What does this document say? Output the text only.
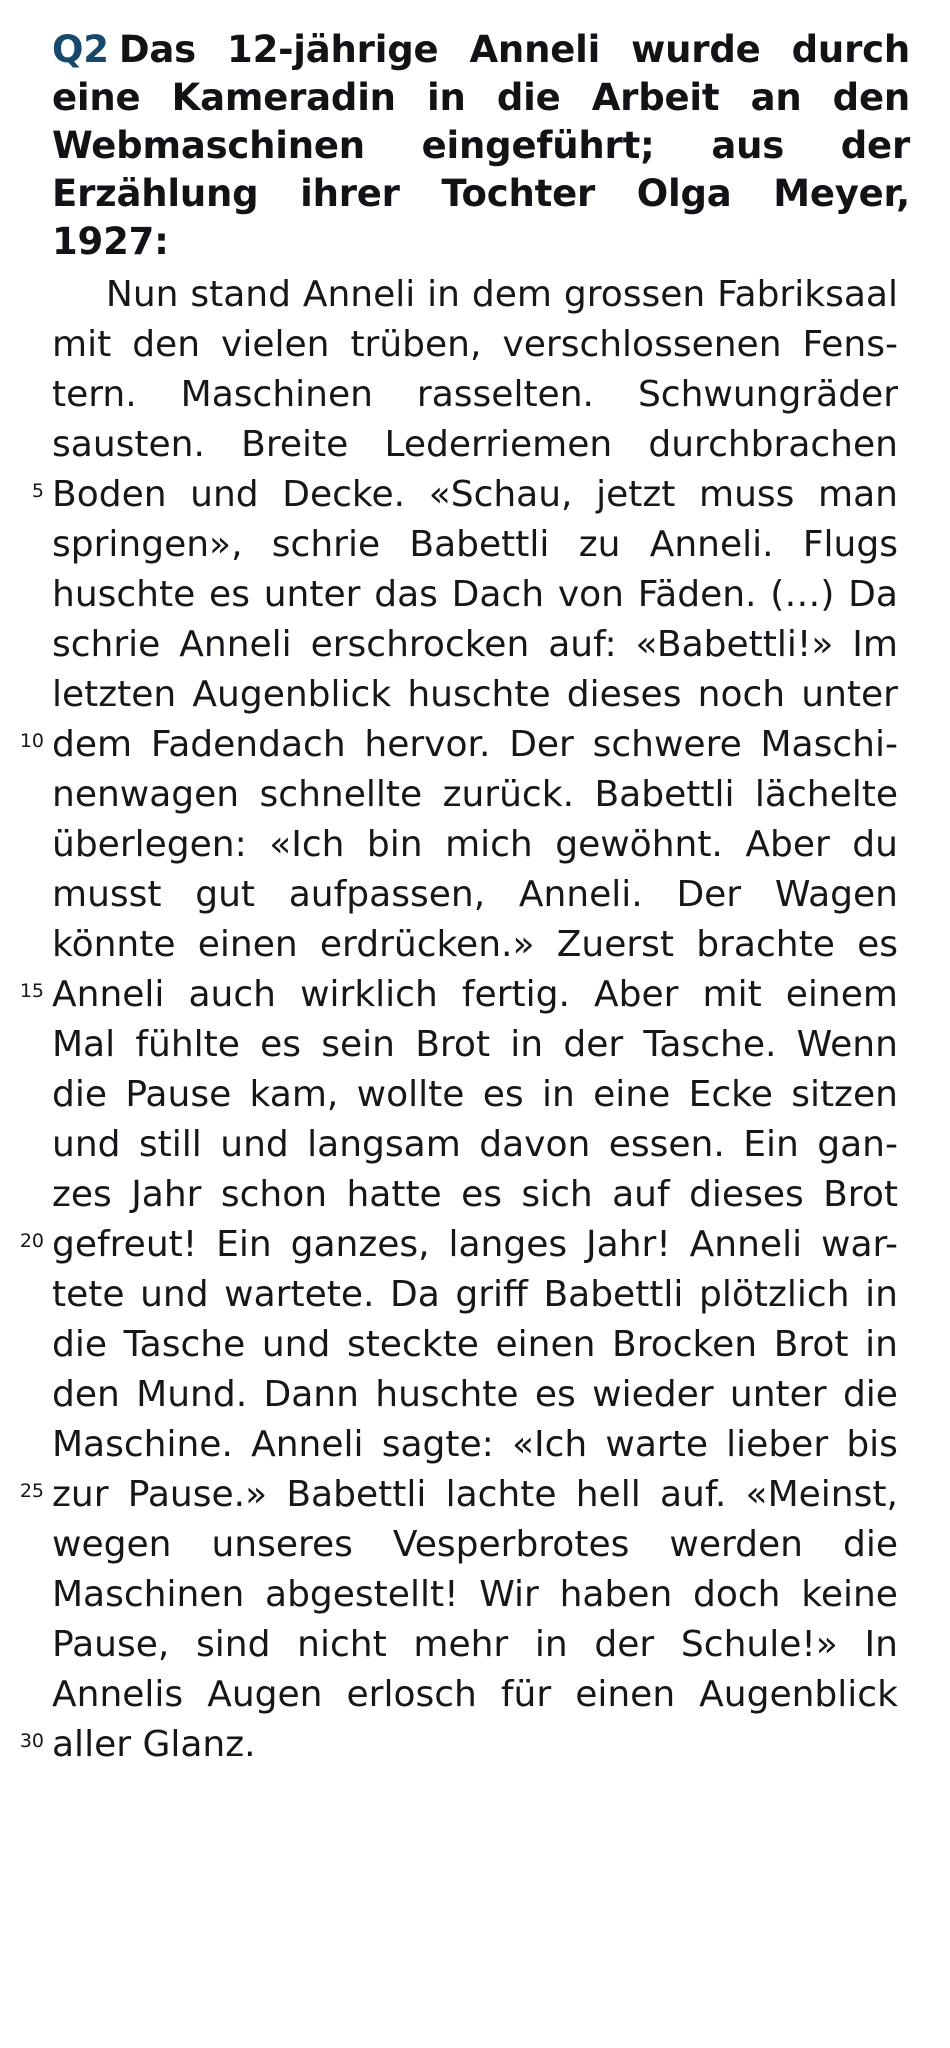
Q2 Das 12-jährige Anneli wurde durch eine Kameradin in die Arbeit an den Webmaschinen eingeführt; aus der Erzählung ihrer Tochter Olga Meyer, 1927:
Nun stand Anneli in dem grossen Fabriksaal
mit den vielen trüben, verschlossenen Fens-
tern. Maschinen rasselten. Schwungräder
sausten. Breite Lederriemen durchbrachen
5 Boden und Decke. «Schau, jetzt muss man
springen», schrie Babettli zu Anneli. Flugs
huschte es unter das Dach von Fäden. (…) Da
schrie Anneli erschrocken auf: «Babettli!» Im
letzten Augenblick huschte dieses noch unter
10 dem Fadendach hervor. Der schwere Maschi-
nenwagen schnellte zurück. Babettli lächelte
überlegen: «Ich bin mich gewöhnt. Aber du
musst gut aufpassen, Anneli. Der Wagen
könnte einen erdrücken.» Zuerst brachte es
15 Anneli auch wirklich fertig. Aber mit einem
Mal fühlte es sein Brot in der Tasche. Wenn
die Pause kam, wollte es in eine Ecke sitzen
und still und langsam davon essen. Ein gan-
zes Jahr schon hatte es sich auf dieses Brot
20 gefreut! Ein ganzes, langes Jahr! Anneli war-
tete und wartete. Da griff Babettli plötzlich in
die Tasche und steckte einen Brocken Brot in
den Mund. Dann huschte es wieder unter die
Maschine. Anneli sagte: «Ich warte lieber bis
25 zur Pause.» Babettli lachte hell auf. «Meinst,
wegen unseres Vesperbrotes werden die
Maschinen abgestellt! Wir haben doch keine
Pause, sind nicht mehr in der Schule!» In
Annelis Augen erlosch für einen Augenblick
30 aller Glanz.
